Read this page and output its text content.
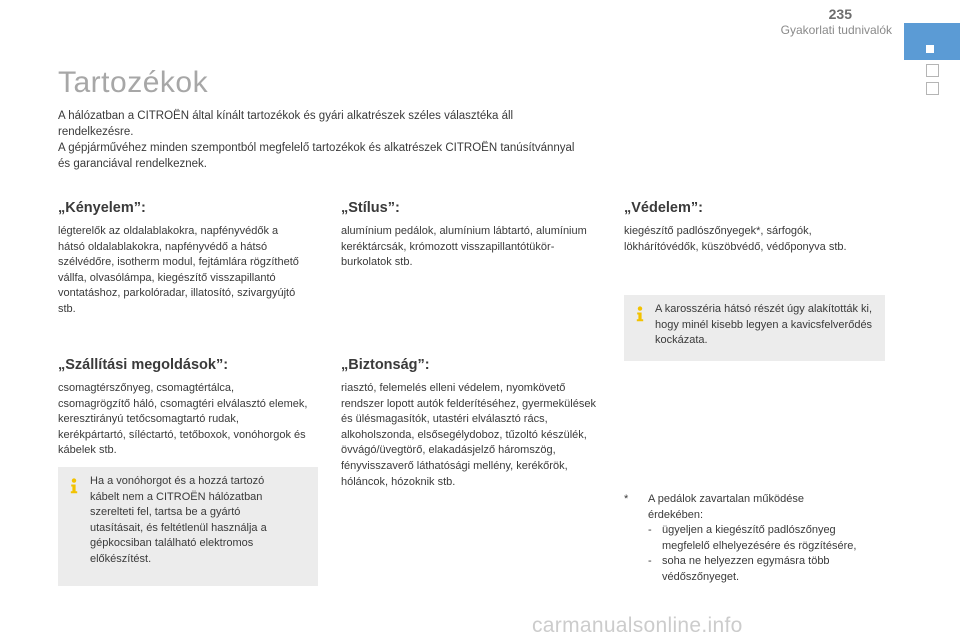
235
Gyakorlati tudnivalók
Tartozékok

A hálózatban a CITROËN által kínált tartozékok és gyári alkatrészek széles választéka áll rendelkezésre.

A gépjárművéhez minden szempontból megfelelő tartozékok és alkatrészek CITROËN tanúsítvánnyal és garanciával rendelkeznek.

„Kényelem”:
légterelők az oldalablakokra, napfényvédők a hátsó oldalablakokra, napfényvédő a hátsó szélvédőre, isotherm modul, fejtámlára rögzíthető vállfa, olvasólámpa, kiegészítő visszapillantó vontatáshoz, parkolóradar, illatosító, szivargyújtó stb.
„Szállítási megoldások”:
csomagtérszőnyeg, csomagtértálca, csomagrögzítő háló, csomagtéri elválasztó elemek, keresztirányú tetőcsomagtartó rudak, kerékpártartó, síléctartó, tetőboxok, vonóhorgok és kábelek stb.
Ha a vonóhorgot és a hozzá tartozó kábelt nem a CITROËN hálózatban szerelteti fel, tartsa be a gyártó utasításait, és feltétlenül használja a gépkocsiban található elektromos előkészítést.
„Stílus”:
alumínium pedálok, alumínium lábtartó, alumínium keréktárcsák, krómozott visszapillantótükör-burkolatok stb.
„Biztonság”:
riasztó, felemelés elleni védelem, nyomkövető rendszer lopott autók felderítéséhez, gyermekülések és ülésmagasítók, utastéri elválasztó rács, alkoholszonda, elsősegélydoboz, tűzoltó készülék, övvágó/üvegtörő, elakadásjelző háromszög, fényvisszaverő láthatósági mellény, kerékőrök, hóláncok, hózoknik stb.
„Védelem”:
kiegészítő padlószőnyegek*, sárfogók, lökhárítóvédők, küszöbvédő, védőponyva stb.
A karosszéria hátsó részét úgy alakították ki, hogy minél kisebb legyen a kavicsfelverődés kockázata.
* A pedálok zavartalan működése érdekében:
- ügyeljen a kiegészítő padlószőnyeg megfelelő elhelyezésére és rögzítésére,
- soha ne helyezzen egymásra több védőszőnyeget.
carmanualsonline.info
